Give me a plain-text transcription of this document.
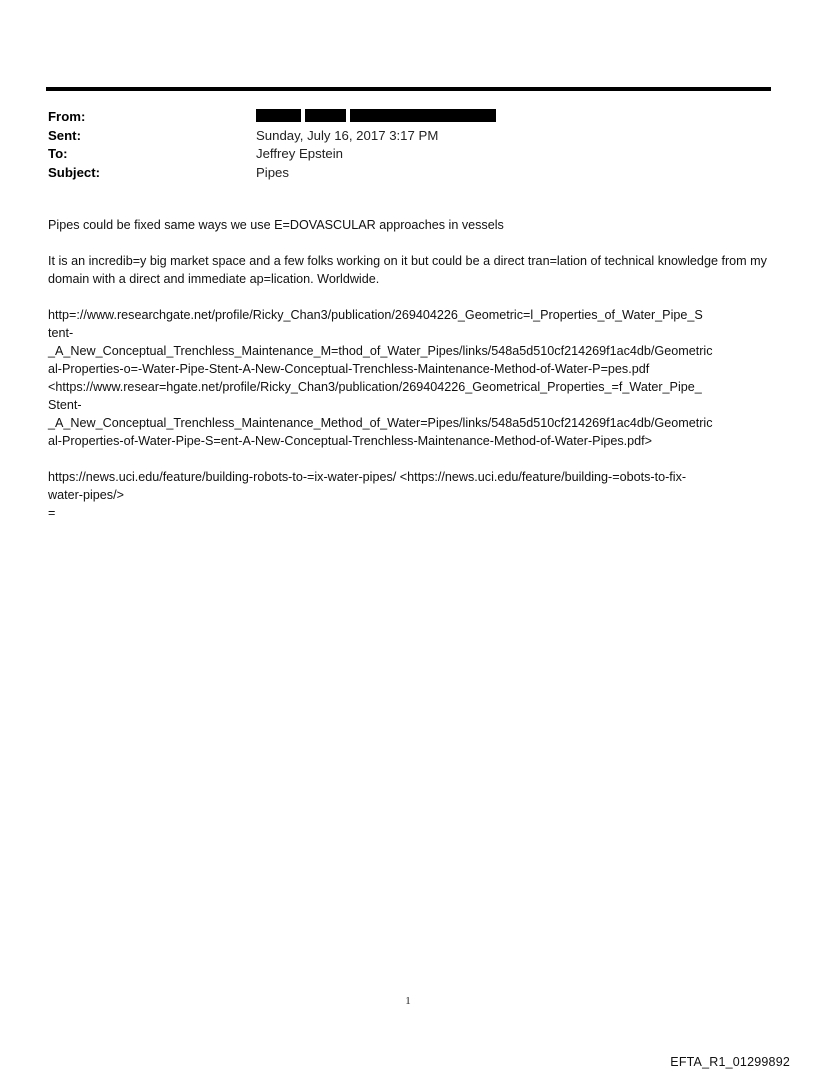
From:
Sent:	Sunday, July 16, 2017 3:17 PM
To:	Jeffrey Epstein
Subject:	Pipes

Pipes could be fixed same ways we use E=DOVASCULAR approaches in vessels

It is an incredib=y big market space and a few folks working on it but could be a direct tran=lation of technical knowledge from my domain with a direct and immediate ap=lication. Worldwide.

http=://www.researchgate.net/profile/Ricky_Chan3/publication/269404226_Geometric=l_Properties_of_Water_Pipe_S
tent-
_A_New_Conceptual_Trenchless_Maintenance_M=thod_of_Water_Pipes/links/548a5d510cf214269f1ac4db/Geometric
al-Properties-o=-Water-Pipe-Stent-A-New-Conceptual-Trenchless-Maintenance-Method-of-Water-P=pes.pdf
<https://www.resear=hgate.net/profile/Ricky_Chan3/publication/269404226_Geometrical_Properties_=f_Water_Pipe_
Stent-
_A_New_Conceptual_Trenchless_Maintenance_Method_of_Water=Pipes/links/548a5d510cf214269f1ac4db/Geometric
al-Properties-of-Water-Pipe-S=ent-A-New-Conceptual-Trenchless-Maintenance-Method-of-Water-Pipes.pdf>

https://news.uci.edu/feature/building-robots-to-=ix-water-pipes/ <https://news.uci.edu/feature/building-=obots-to-fix-
water-pipes/>
=

1
EFTA_R1_01299892
